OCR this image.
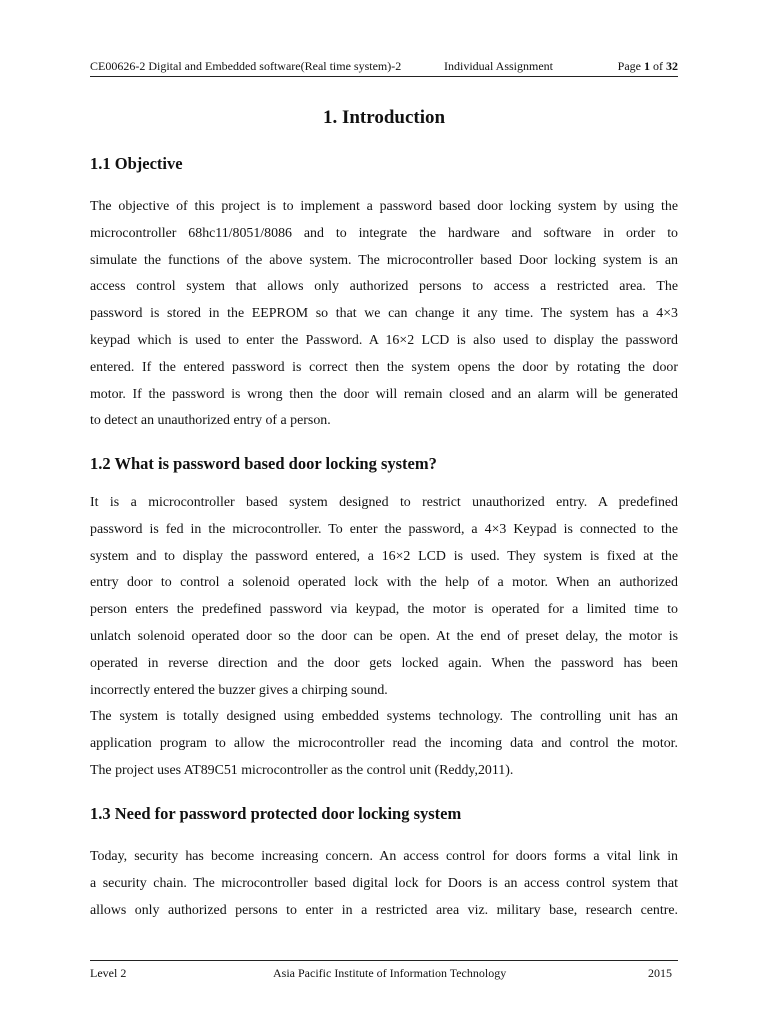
CE00626-2 Digital and Embedded software(Real time system)-2	Individual Assignment	Page 1 of 32
1. Introduction
1.1 Objective
The objective of this project is to implement a password based door locking system by using the
microcontroller 68hc11/8051/8086 and to integrate the hardware and software in order to
simulate the functions of the above system. The microcontroller based Door locking system is an
access control system that allows only authorized persons to access a restricted area. The
password is stored in the EEPROM so that we can change it any time. The system has a 4×3
keypad which is used to enter the Password. A 16×2 LCD is also used to display the password
entered. If the entered password is correct then the system opens the door by rotating the door
motor. If the password is wrong then the door will remain closed and an alarm will be generated
to detect an unauthorized entry of a person.
1.2 What is password based door locking system?
It is a microcontroller based system designed to restrict unauthorized entry. A predefined
password is fed in the microcontroller. To enter the password, a 4×3 Keypad is connected to the
system and to display the password entered, a 16×2 LCD is used. They system is fixed at the
entry door to control a solenoid operated lock with the help of a motor. When an authorized
person enters the predefined password via keypad, the motor is operated for a limited time to
unlatch solenoid operated door so the door can be open. At the end of preset delay, the motor is
operated in reverse direction and the door gets locked again. When the password has been
incorrectly entered the buzzer gives a chirping sound.
The system is totally designed using embedded systems technology. The controlling unit has an
application program to allow the microcontroller read the incoming data and control the motor.
The project uses AT89C51 microcontroller as the control unit (Reddy,2011).
1.3 Need for password protected door locking system
Today, security has become increasing concern. An access control for doors forms a vital link in
a security chain. The microcontroller based digital lock for Doors is an access control system that
allows only authorized persons to enter in a restricted area viz. military base, research centre.
Level 2	Asia Pacific Institute of Information Technology	2015
